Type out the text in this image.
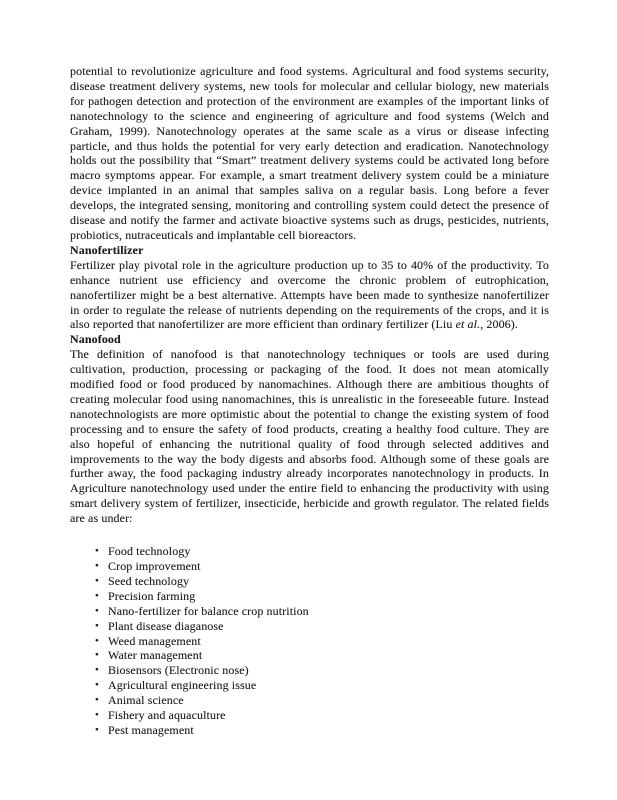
potential to revolutionize agriculture and food systems. Agricultural and food systems security, disease treatment delivery systems, new tools for molecular and cellular biology, new materials for pathogen detection and protection of the environment are examples of the important links of nanotechnology to the science and engineering of agriculture and food systems (Welch and Graham, 1999). Nanotechnology operates at the same scale as a virus or disease infecting particle, and thus holds the potential for very early detection and eradication. Nanotechnology holds out the possibility that “Smart” treatment delivery systems could be activated long before macro symptoms appear. For example, a smart treatment delivery system could be a miniature device implanted in an animal that samples saliva on a regular basis. Long before a fever develops, the integrated sensing, monitoring and controlling system could detect the presence of disease and notify the farmer and activate bioactive systems such as drugs, pesticides, nutrients, probiotics, nutraceuticals and implantable cell bioreactors.

Nanofertilizer

Fertilizer play pivotal role in the agriculture production up to 35 to 40% of the productivity. To enhance nutrient use efficiency and overcome the chronic problem of eutrophication, nanofertilizer might be a best alternative. Attempts have been made to synthesize nanofertilizer in order to regulate the release of nutrients depending on the requirements of the crops, and it is also reported that nanofertilizer are more efficient than ordinary fertilizer (Liu et al., 2006).

Nanofood

The definition of nanofood is that nanotechnology techniques or tools are used during cultivation, production, processing or packaging of the food. It does not mean atomically modified food or food produced by nanomachines. Although there are ambitious thoughts of creating molecular food using nanomachines, this is unrealistic in the foreseeable future. Instead nanotechnologists are more optimistic about the potential to change the existing system of food processing and to ensure the safety of food products, creating a healthy food culture. They are also hopeful of enhancing the nutritional quality of food through selected additives and improvements to the way the body digests and absorbs food. Although some of these goals are further away, the food packaging industry already incorporates nanotechnology in products. In Agriculture nanotechnology used under the entire field to enhancing the productivity with using smart delivery system of fertilizer, insecticide, herbicide and growth regulator. The related fields are as under:

• Food technology
• Crop improvement
• Seed technology
• Precision farming
• Nano-fertilizer for balance crop nutrition
• Plant disease diaganose
• Weed management
• Water management
• Biosensors (Electronic nose)
• Agricultural engineering issue
• Animal science
• Fishery and aquaculture
• Pest management
